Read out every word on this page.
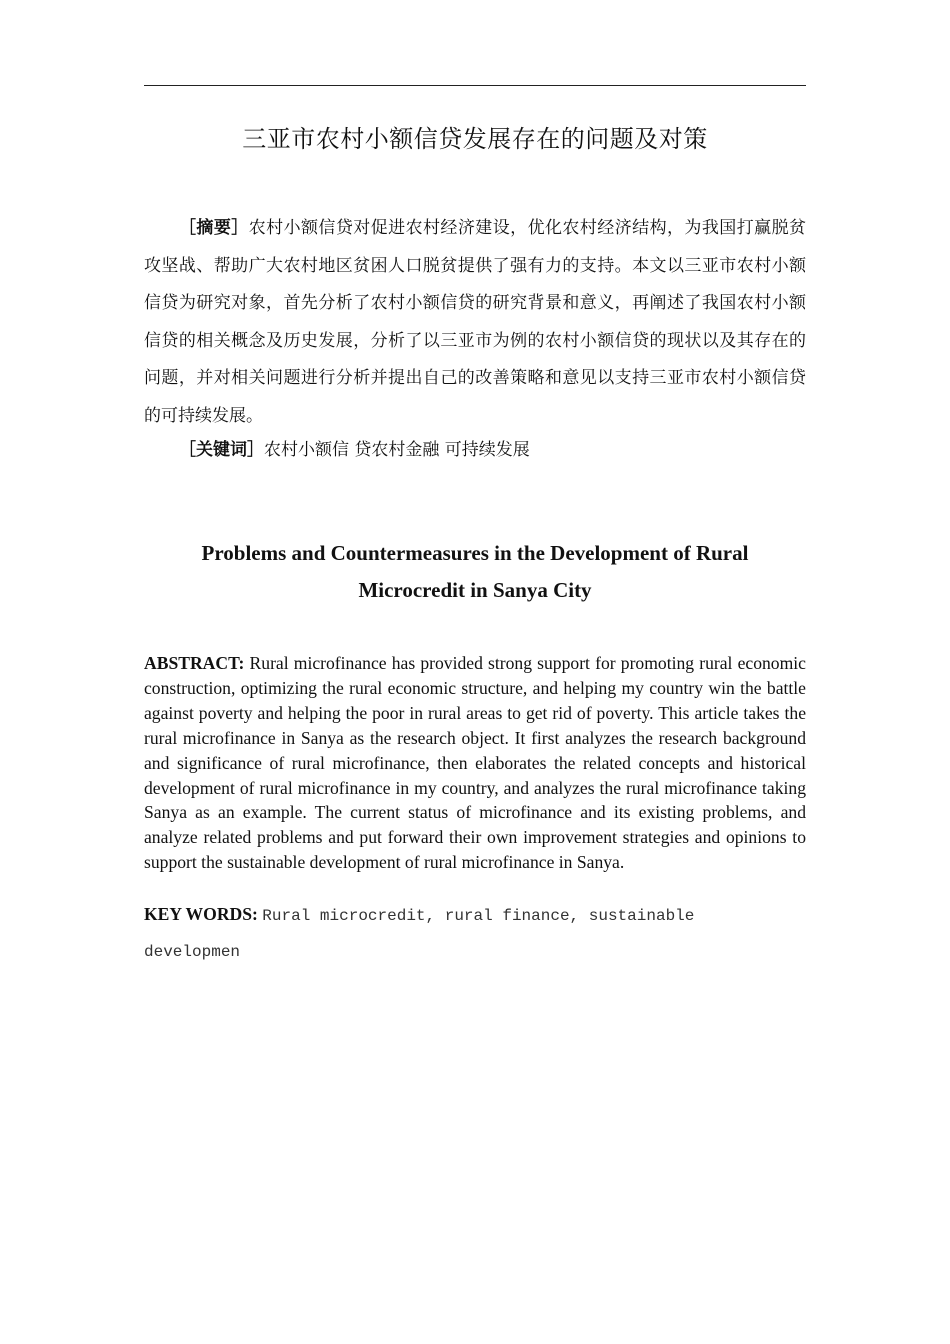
三亚市农村小额信贷发展存在的问题及对策

［摘要］农村小额信贷对促进农村经济建设，优化农村经济结构，为我国打赢脱贫攻坚战、帮助广大农村地区贫困人口脱贫提供了强有力的支持。本文以三亚市农村小额信贷为研究对象，首先分析了农村小额信贷的研究背景和意义，再阐述了我国农村小额信贷的相关概念及历史发展，分析了以三亚市为例的农村小额信贷的现状以及其存在的问题，并对相关问题进行分析并提出自己的改善策略和意见以支持三亚市农村小额信贷的可持续发展。

［关键词］农村小额信 贷农村金融 可持续发展

Problems and Countermeasures in the Development of Rural Microcredit in Sanya City

ABSTRACT: Rural microfinance has provided strong support for promoting rural economic construction, optimizing the rural economic structure, and helping my country win the battle against poverty and helping the poor in rural areas to get rid of poverty. This article takes the rural microfinance in Sanya as the research object. It first analyzes the research background and significance of rural microfinance, then elaborates the related concepts and historical development of rural microfinance in my country, and analyzes the rural microfinance taking Sanya as an example. The current status of microfinance and its existing problems, and analyze related problems and put forward their own improvement strategies and opinions to support the sustainable development of rural microfinance in Sanya.

KEY WORDS: Rural microcredit, rural finance, sustainable developmen
